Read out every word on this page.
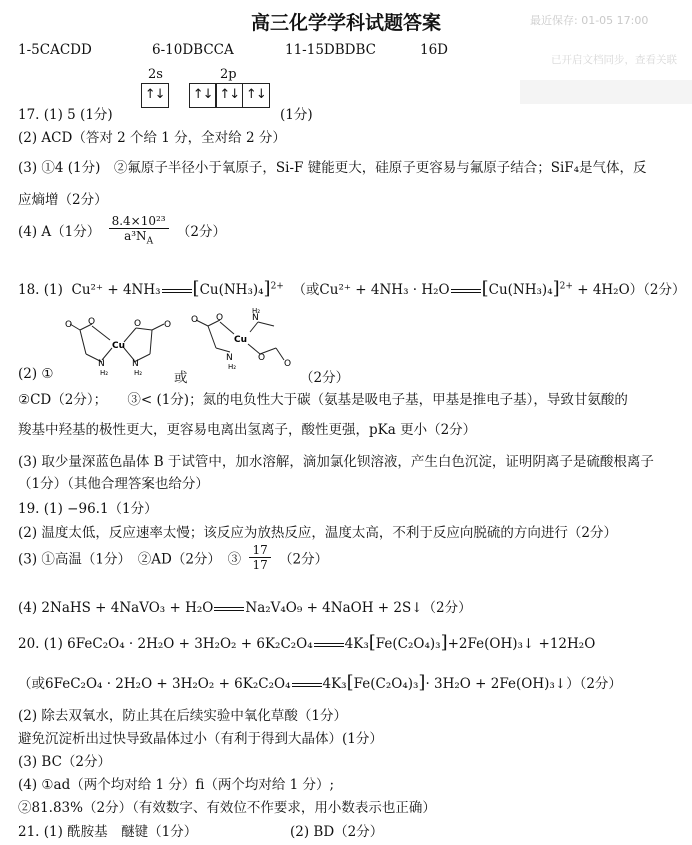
高三化学学科试题答案	最近保存: 01-05 17:00
已开启文档同步，查看关联
1-5CACDD	6-10DBCCA	11-15DBDBC	16D
2s
↑↓
2p
↑↓ ↑↓ ↑↓
17. (1) 5 (1分)	(1分)
(2) ACD（答对 2 个给 1 分，全对给 2 分）
(3) ①4 (1分)　②氟原子半径小于氧原子，Si-F 键能更大，硅原子更容易与氟原子结合；SiF₄是气体，反
应熵增（2分）
(4) A（1分） $\frac{\text{8.4×10²³}}{a^3N_A} (2$分）
18. (1) Cu²⁺ + 4NH₃ $[Cu(NH_3)_4]^{2+}$ （或Cu²⁺ + 4NH₃ · H₂O $[Cu(NH_3)_4]^{2+} + 4H_2O)(2$分）
O O
Cu
O	O
N	N
H₂	H₂
O O
Cu
N
H₂
N
H₂
O
O
(2) ①	或	（2分）
②CD（2分）；　　③< (1分)；氮的电负性大于碳（氨基是吸电子基，甲基是推电子基），导致甘氨酸的
羧基中羟基的极性更大，更容易电离出氢离子，酸性更强，pKa 更小（2分）
(3) 取少量深蓝色晶体 B 于试管中，加水溶解，滴加氯化钡溶液，产生白色沉淀，证明阴离子是硫酸根离子
（1分）（其他合理答案也给分）
19. (1) −96.1（1分）
(2) 温度太低，反应速率太慢；该反应为放热反应，温度太高，不利于反应向脱硫的方向进行（2分）
(3) ①高温（1分）　②AD（2分）　③ $\frac{17}{17} (2$分）
(4) 2NaHS + 4NaVO₃ + H₂O Na₂V₄O₉ + 4NaOH + 2S↓（2分）
20. (1) 6FeC₂O₄ · 2H₂O + 3H₂O₂ + 6K₂C₂O₄ 4K₃[Fe(C₂O₄)₃]+2Fe(OH)₃↓ +12H₂O
（或6FeC₂O₄ · 2H₂O + 3H₂O₂ + 6K₂C₂O₄ 4K₃[Fe(C₂O₄)₃]· 3H₂O + 2Fe(OH)₃↓）（2分）
(2) 除去双氧水，防止其在后续实验中氧化草酸（1分）
避免沉淀析出过快导致晶体过小（有利于得到大晶体）(1分）
(3) BC（2分）
(4) ①ad（两个均对给 1 分）fi（两个均对给 1 分）;
②81.83%（2分）（有效数字、有效位不作要求，用小数表示也正确）
21. (1) 酰胺基　醚键（1分）	(2) BD（2分）
